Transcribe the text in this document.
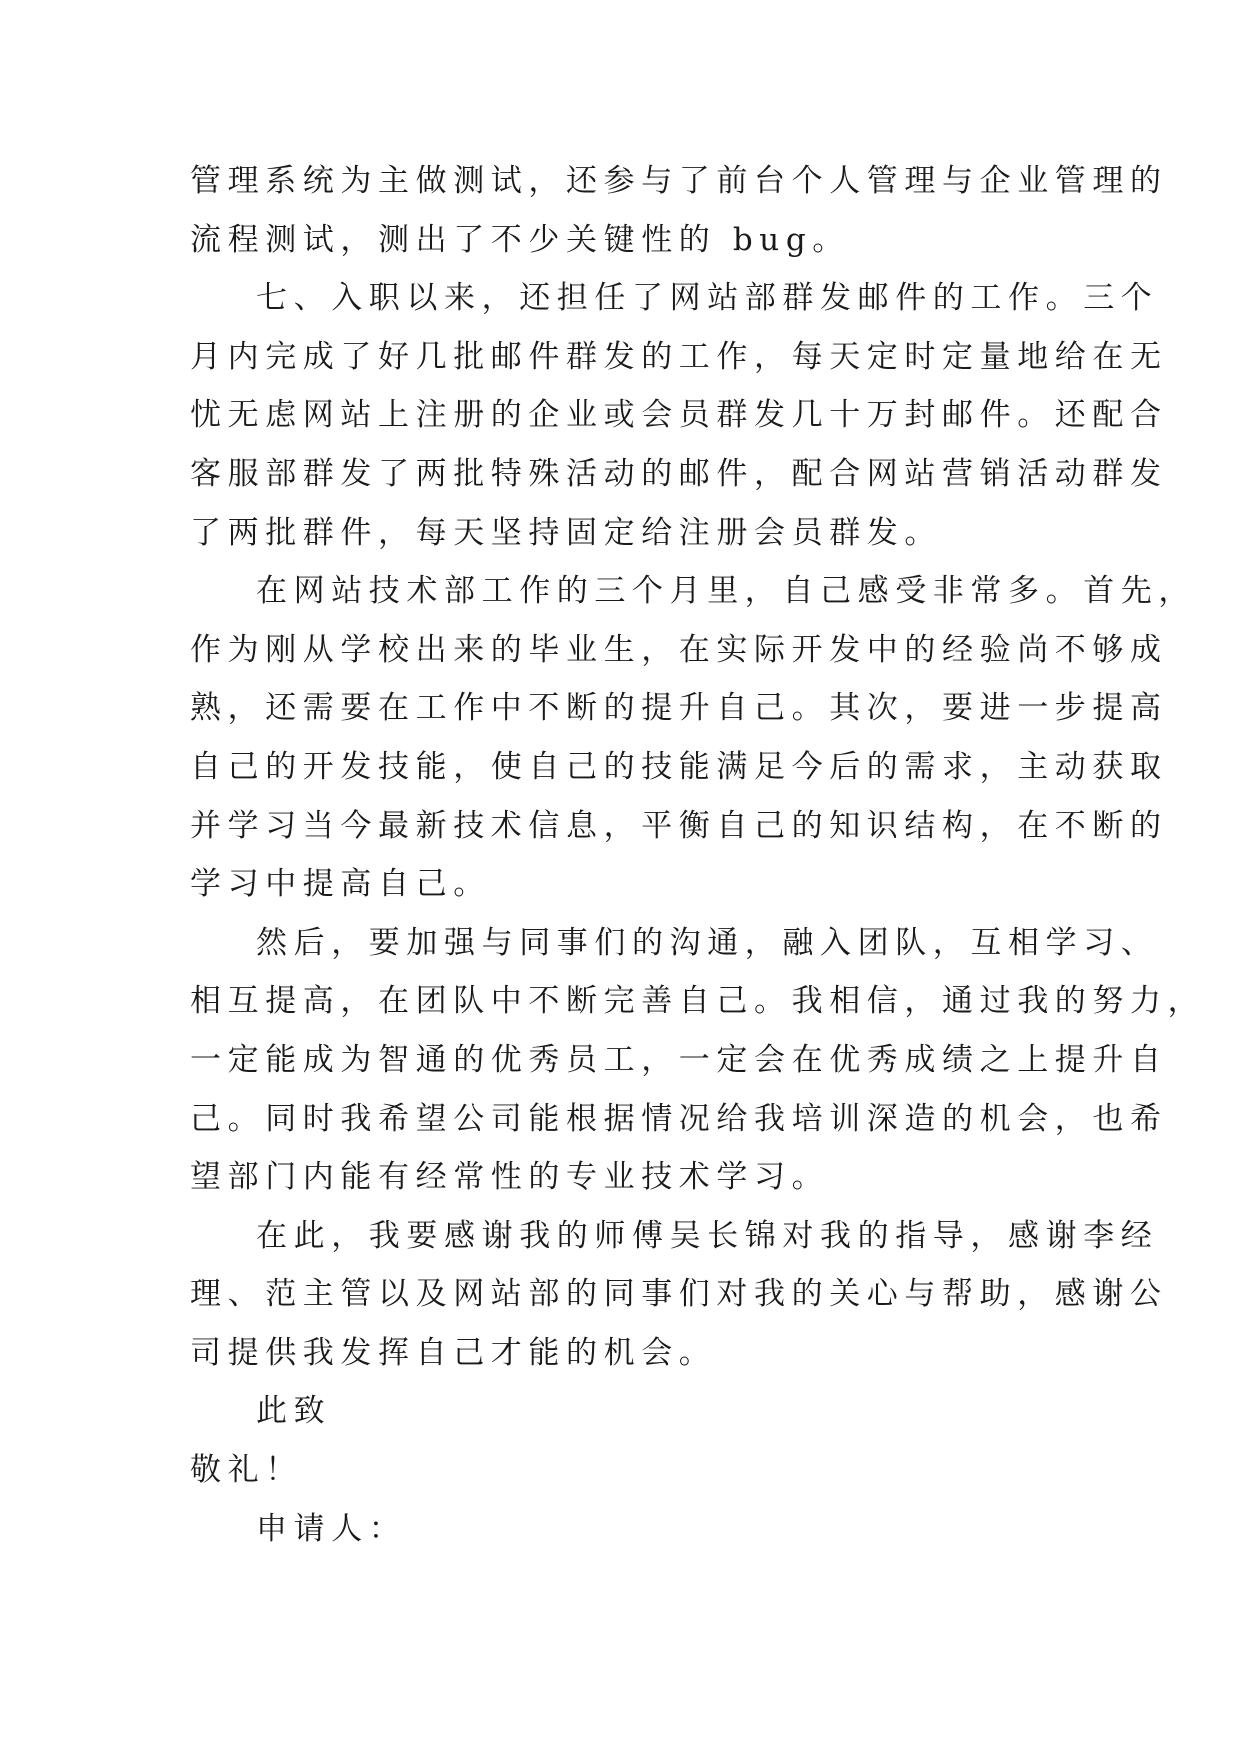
管理系统为主做测试，还参与了前台个人管理与企业管理的
流程测试，测出了不少关键性的 bug。
七、入职以来，还担任了网站部群发邮件的工作。三个
月内完成了好几批邮件群发的工作，每天定时定量地给在无
忧无虑网站上注册的企业或会员群发几十万封邮件。还配合
客服部群发了两批特殊活动的邮件，配合网站营销活动群发
了两批群件，每天坚持固定给注册会员群发。
在网站技术部工作的三个月里，自己感受非常多。首先，
作为刚从学校出来的毕业生，在实际开发中的经验尚不够成
熟，还需要在工作中不断的提升自己。其次，要进一步提高
自己的开发技能，使自己的技能满足今后的需求，主动获取
并学习当今最新技术信息，平衡自己的知识结构，在不断的
学习中提高自己。
然后，要加强与同事们的沟通，融入团队，互相学习、
相互提高，在团队中不断完善自己。我相信，通过我的努力，
一定能成为智通的优秀员工，一定会在优秀成绩之上提升自
己。同时我希望公司能根据情况给我培训深造的机会，也希
望部门内能有经常性的专业技术学习。
在此，我要感谢我的师傅吴长锦对我的指导，感谢李经
理、范主管以及网站部的同事们对我的关心与帮助，感谢公
司提供我发挥自己才能的机会。
此致
敬礼！
申请人：
